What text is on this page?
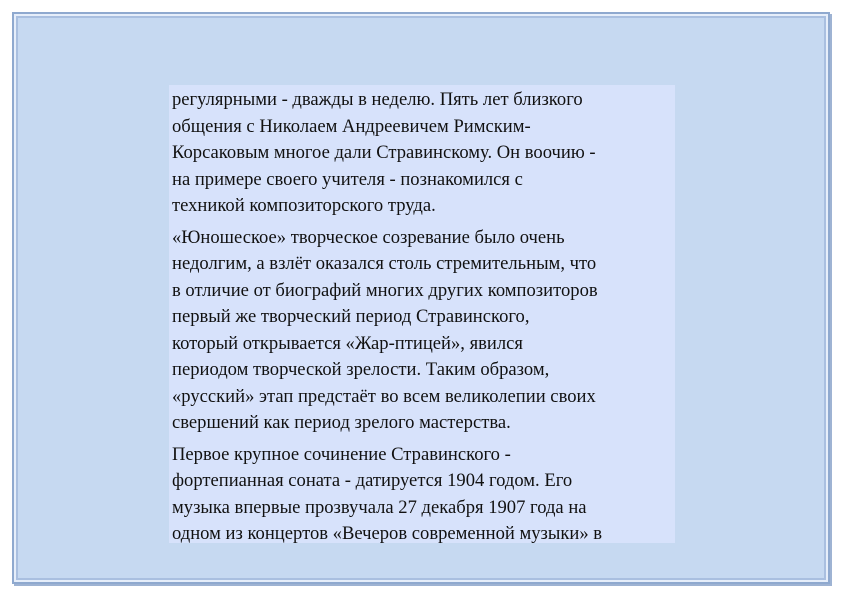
регулярными - дважды в неделю. Пять лет близкого
общения с Николаем Андреевичем Римским-
Корсаковым многое дали Стравинскому. Он воочию -
на примере своего учителя - познакомился с
техникой композиторского труда.

«Юношеское» творческое созревание было очень
недолгим, а взлёт оказался столь стремительным, что
в отличие от биографий многих других композиторов
первый же творческий период Стравинского,
который открывается «Жар-птицей», явился
периодом творческой зрелости. Таким образом,
«русский» этап предстаёт во всем великолепии своих
свершений как период зрелого мастерства.

Первое крупное сочинение Стравинского -
фортепианная соната - датируется 1904 годом. Его
музыка впервые прозвучала 27 декабря 1907 года на
одном из концертов «Вечеров современной музыки» в
